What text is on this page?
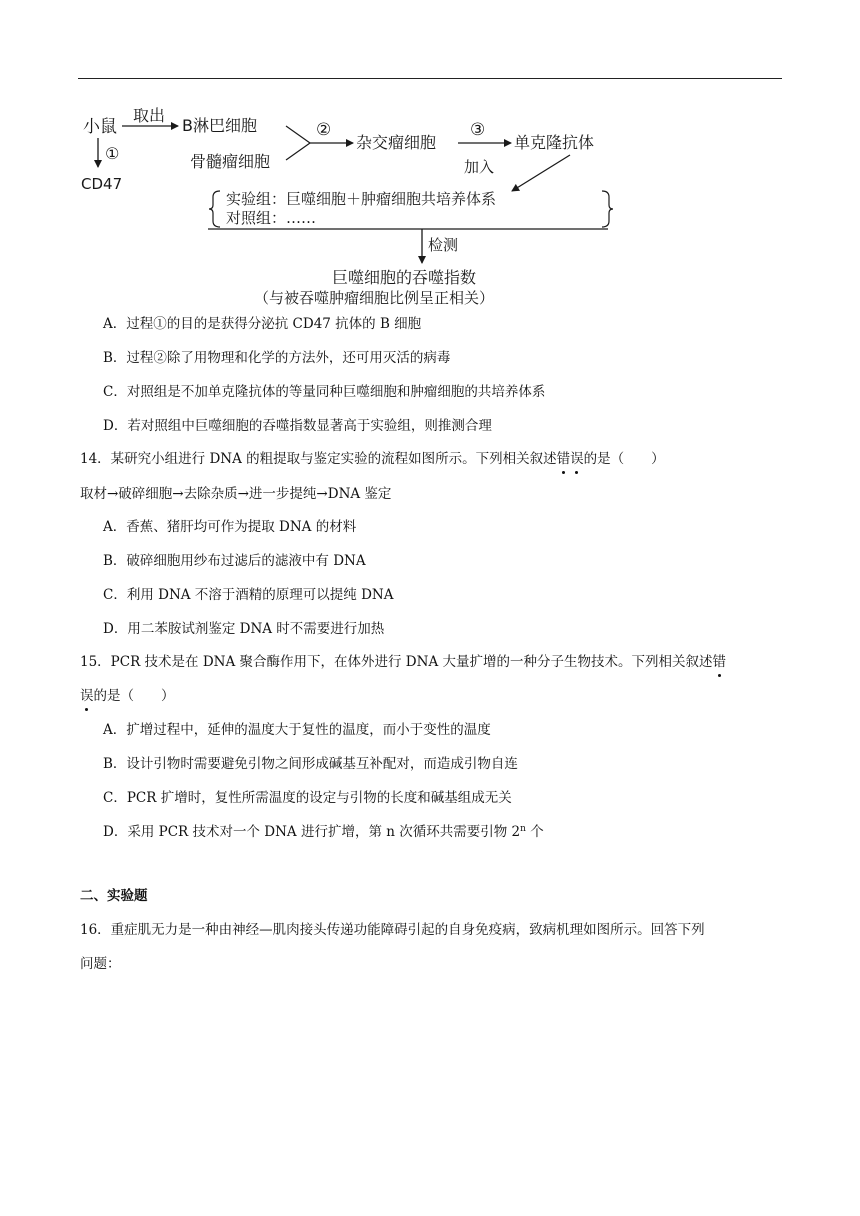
小鼠
取出
B淋巴细胞
①
CD47
骨髓瘤细胞
②
杂交瘤细胞
③
单克隆抗体
加入
实验组：巨噬细胞＋肿瘤细胞共培养体系
对照组：……
检测
巨噬细胞的吞噬指数
（与被吞噬肿瘤细胞比例呈正相关）
A．过程①的目的是获得分泌抗 CD47 抗体的 B 细胞
B．过程②除了用物理和化学的方法外，还可用灭活的病毒
C．对照组是不加单克隆抗体的等量同种巨噬细胞和肿瘤细胞的共培养体系
D．若对照组中巨噬细胞的吞噬指数显著高于实验组，则推测合理
14．某研究小组进行 DNA 的粗提取与鉴定实验的流程如图所示。下列相关叙述错误的是（　　）
取材→破碎细胞→去除杂质→进一步提纯→DNA 鉴定
A．香蕉、猪肝均可作为提取 DNA 的材料
B．破碎细胞用纱布过滤后的滤液中有 DNA
C．利用 DNA 不溶于酒精的原理可以提纯 DNA
D．用二苯胺试剂鉴定 DNA 时不需要进行加热
15．PCR 技术是在 DNA 聚合酶作用下，在体外进行 DNA 大量扩增的一种分子生物技术。下列相关叙述错
误的是（　　）
A．扩增过程中，延伸的温度大于复性的温度，而小于变性的温度
B．设计引物时需要避免引物之间形成碱基互补配对，而造成引物自连
C．PCR 扩增时，复性所需温度的设定与引物的长度和碱基组成无关
D．采用 PCR 技术对一个 DNA 进行扩增，第 n 次循环共需要引物 2$^n$ 个
二、实验题
16．重症肌无力是一种由神经—肌肉接头传递功能障碍引起的自身免疫病，致病机理如图所示。回答下列
问题：
